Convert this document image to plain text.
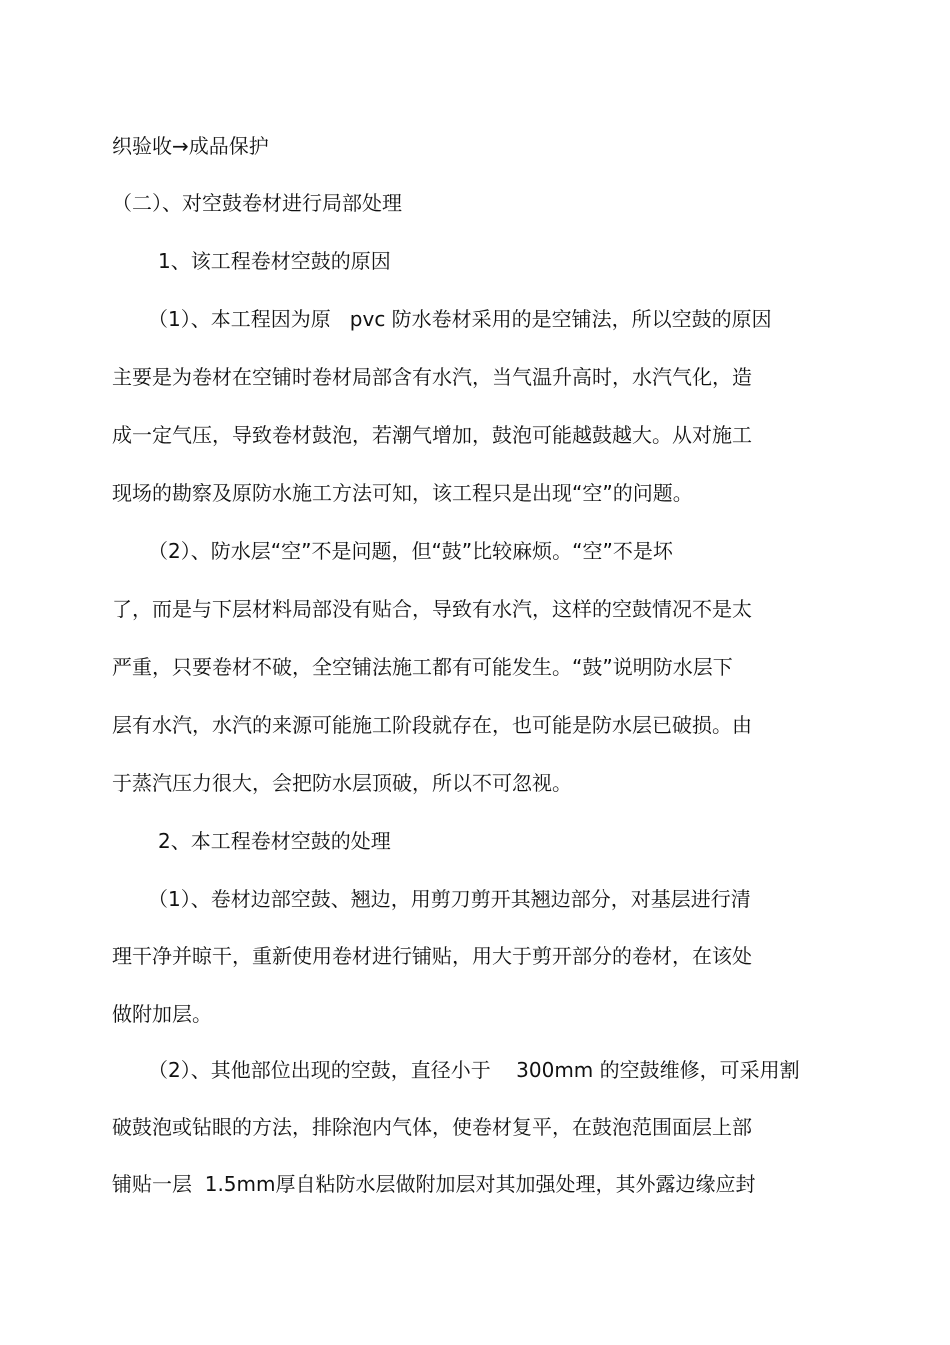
织验收→成品保护
（二）、对空鼓卷材进行局部处理
1、该工程卷材空鼓的原因
（1）、本工程因为原   pvc 防水卷材采用的是空铺法，所以空鼓的原因
主要是为卷材在空铺时卷材局部含有水汽，当气温升高时，水汽气化，造
成一定气压，导致卷材鼓泡，若潮气增加，鼓泡可能越鼓越大。从对施工
现场的勘察及原防水施工方法可知，该工程只是出现“空”的问题。
（2）、防水层“空”不是问题，但“鼓”比较麻烦。“空”不是坏
了，而是与下层材料局部没有贴合，导致有水汽，这样的空鼓情况不是太
严重，只要卷材不破，全空铺法施工都有可能发生。“鼓”说明防水层下
层有水汽，水汽的来源可能施工阶段就存在，也可能是防水层已破损。由
于蒸汽压力很大，会把防水层顶破，所以不可忽视。
2、本工程卷材空鼓的处理
（1）、卷材边部空鼓、翘边，用剪刀剪开其翘边部分，对基层进行清
理干净并晾干，重新使用卷材进行铺贴，用大于剪开部分的卷材，在该处
做附加层。
（2）、其他部位出现的空鼓，直径小于    300mm 的空鼓维修，可采用割
破鼓泡或钻眼的方法，排除泡内气体，使卷材复平，在鼓泡范围面层上部
铺贴一层  1.5mm厚自粘防水层做附加层对其加强处理，其外露边缘应封
